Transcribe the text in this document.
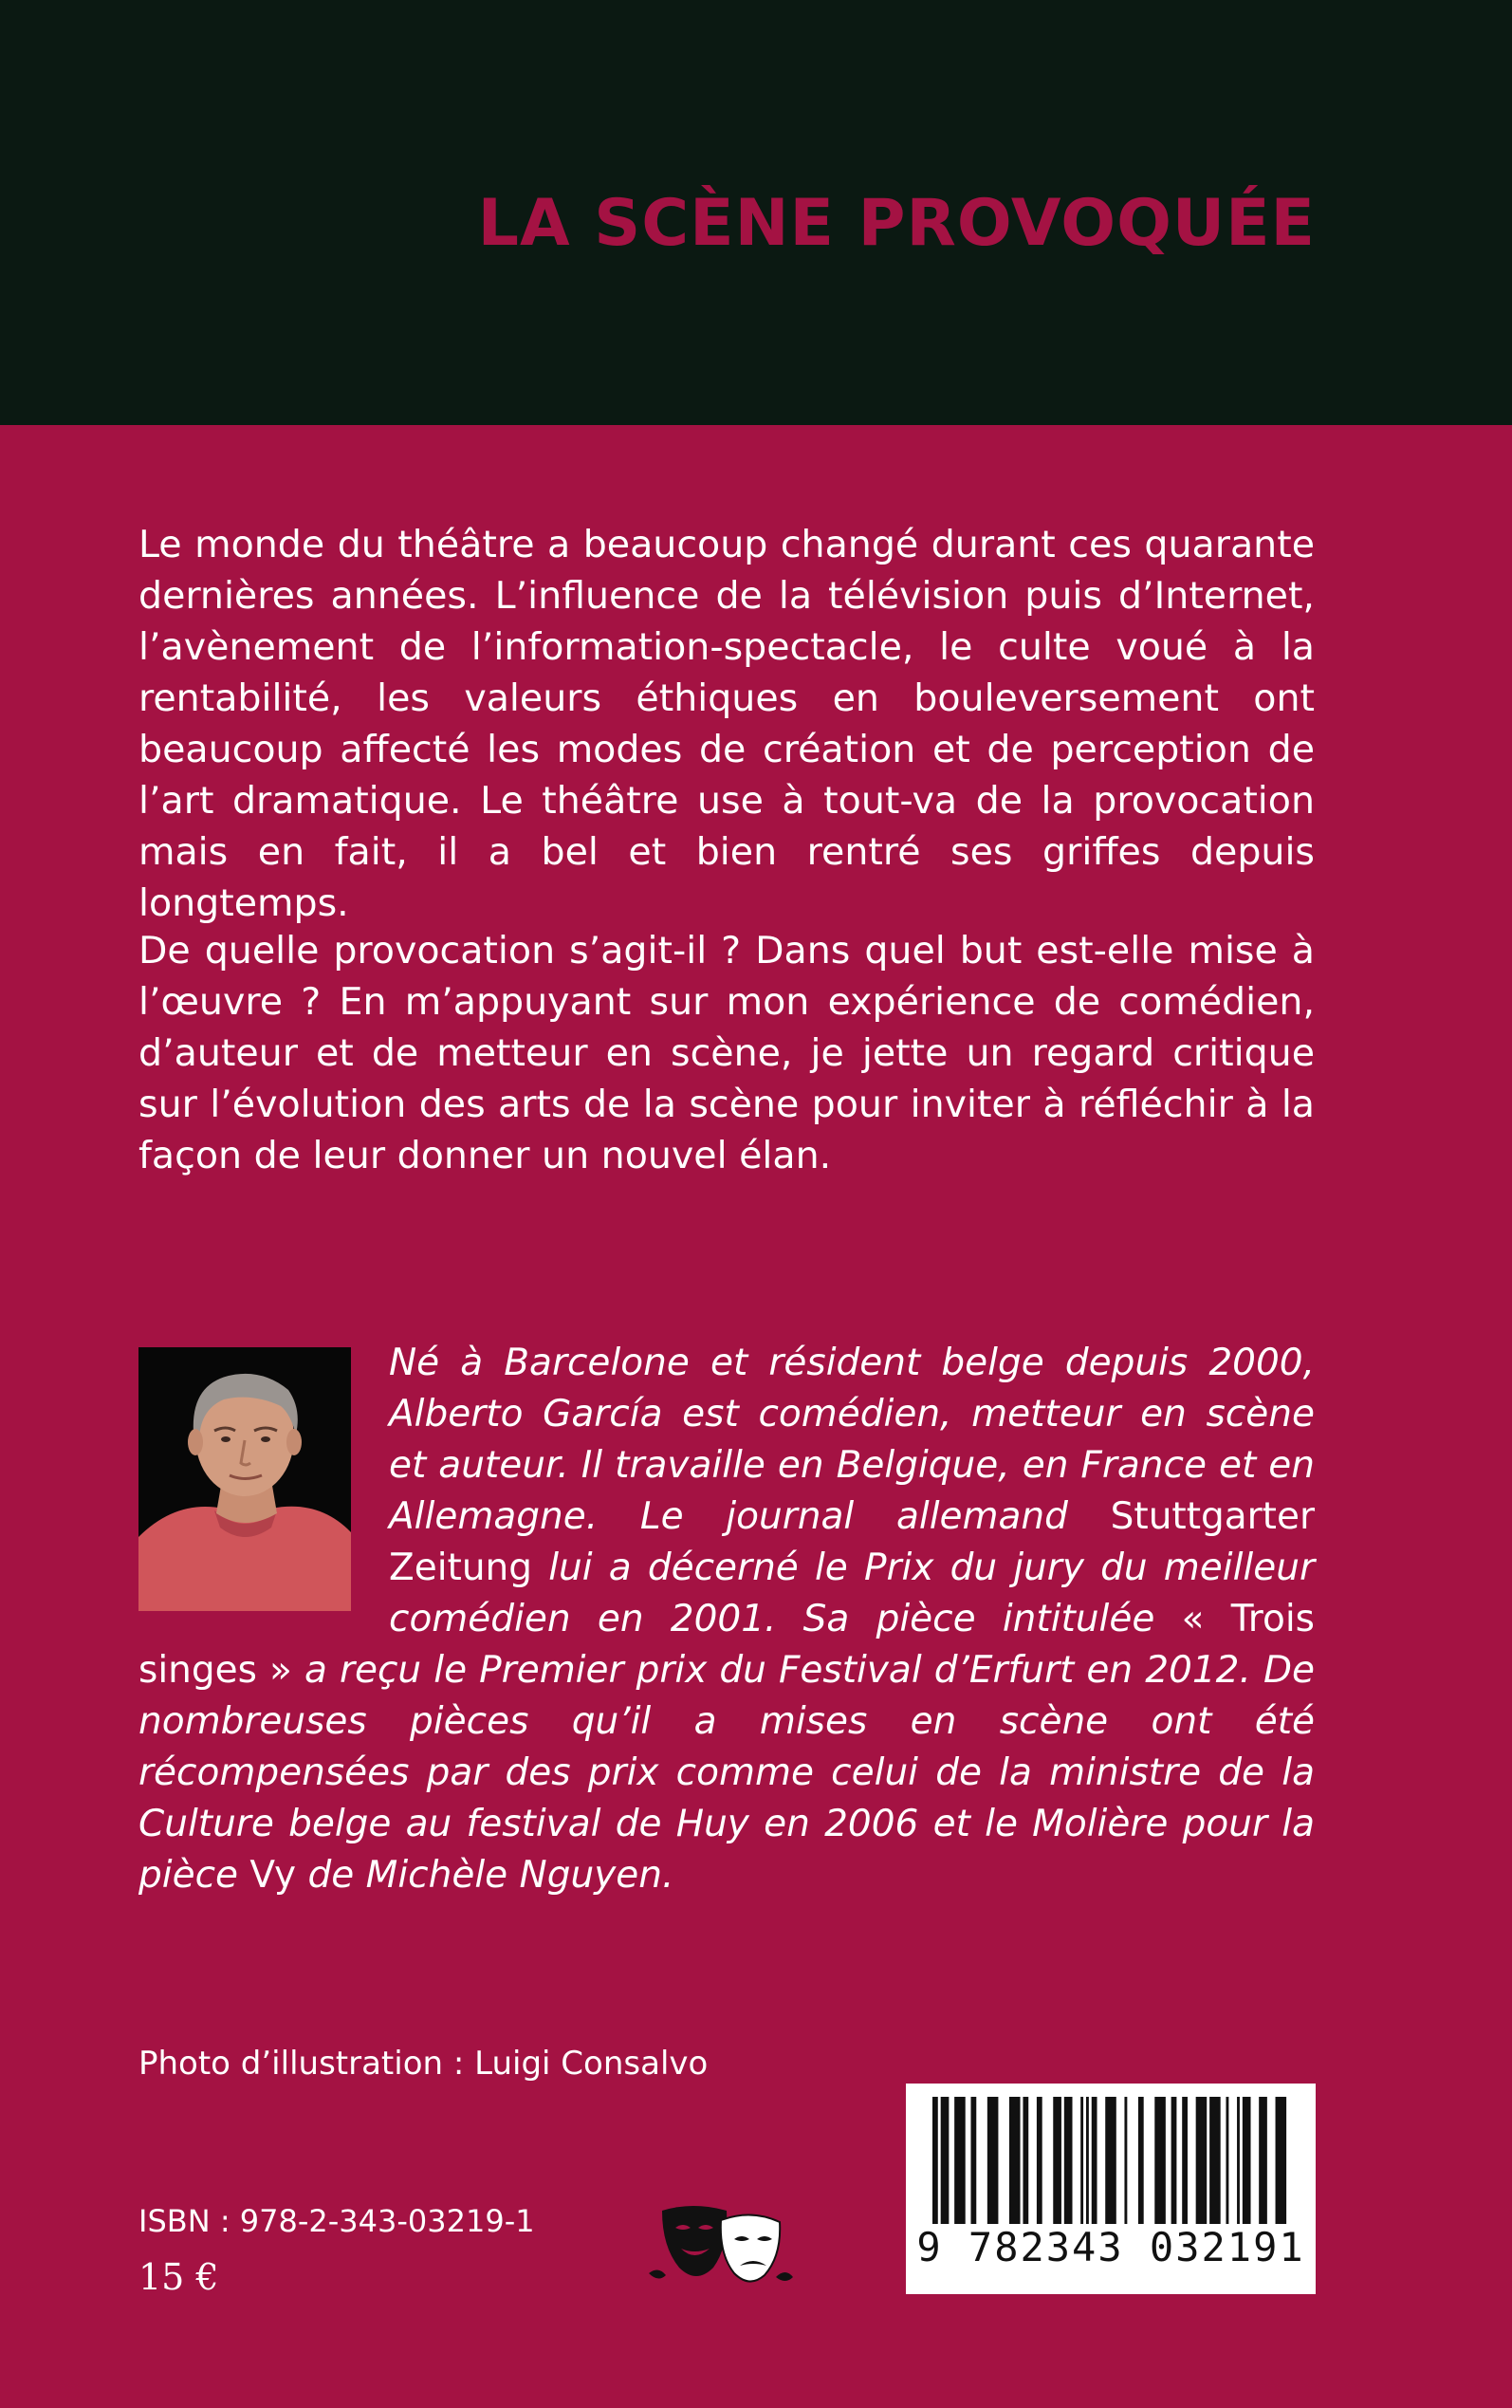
LA SCÈNE PROVOQUÉE

Le monde du théâtre a beaucoup changé durant ces quarante dernières années. L’influence de la télévision puis d’Internet, l’avènement de l’information-spectacle, le culte voué à la rentabilité, les valeurs éthiques en bouleversement ont beaucoup affecté les modes de création et de perception de l’art dramatique. Le théâtre use à tout-va de la provocation mais en fait, il a bel et bien rentré ses griffes depuis longtemps.

De quelle provocation s’agit-il ? Dans quel but est-elle mise à l’œuvre ? En m’appuyant sur mon expérience de comédien, d’auteur et de metteur en scène, je jette un regard critique sur l’évolution des arts de la scène pour inviter à réfléchir à la façon de leur donner un nouvel élan.

Né à Barcelone et résident belge depuis 2000, Alberto García est comédien, metteur en scène et auteur. Il travaille en Belgique, en France et en Allemagne. Le journal allemand Stuttgarter Zeitung lui a décerné le Prix du jury du meilleur comédien en 2001. Sa pièce intitulée « Trois singes » a reçu le Premier prix du Festival d’Erfurt en 2012. De nombreuses pièces qu’il a mises en scène ont été récompensées par des prix comme celui de la ministre de la Culture belge au festival de Huy en 2006 et le Molière pour la pièce Vy de Michèle Nguyen.

Photo d’illustration : Luigi Consalvo

ISBN : 978-2-343-03219-1

15 €

9 782343 032191
